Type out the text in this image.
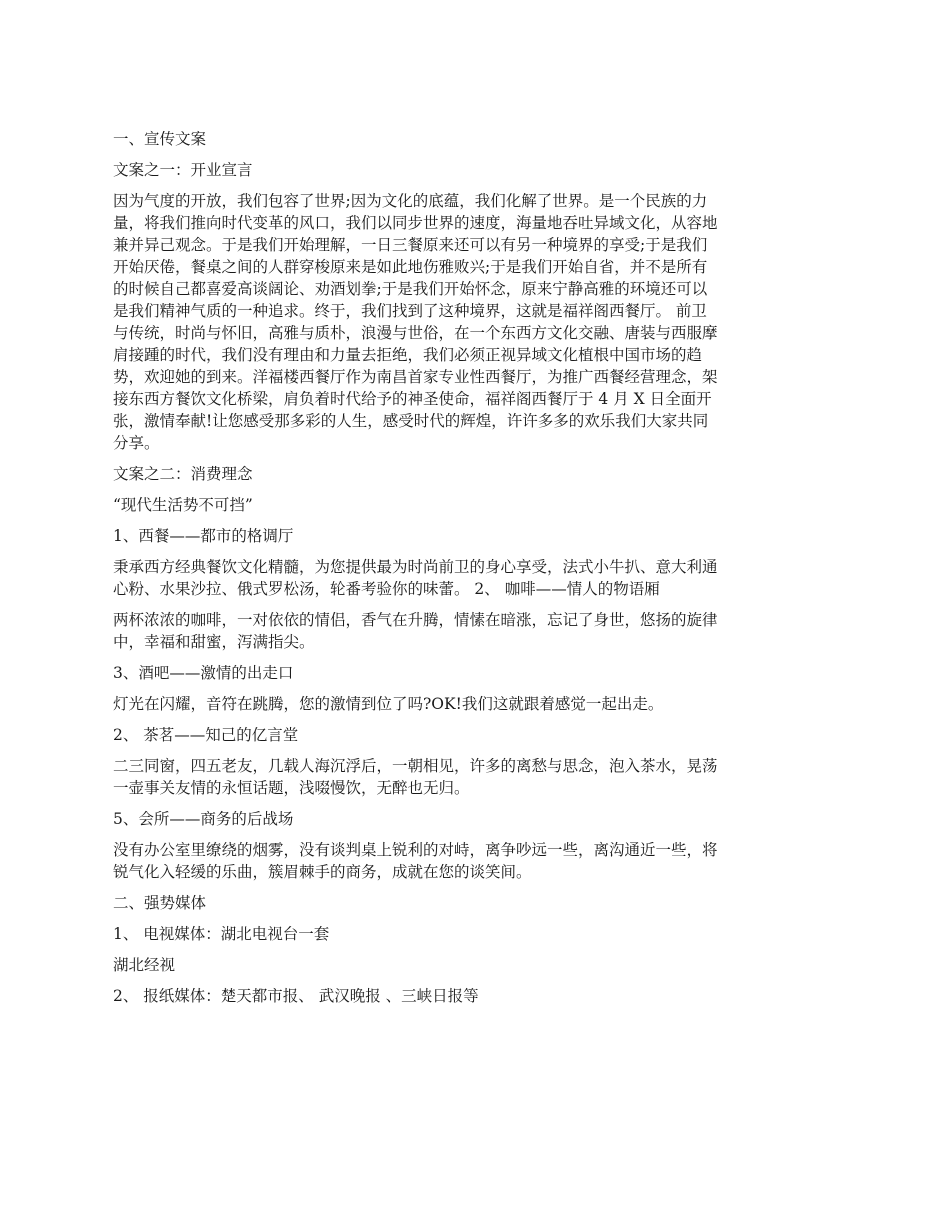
一、宣传文案
文案之一：开业宣言
因为气度的开放，我们包容了世界;因为文化的底蕴，我们化解了世界。是一个民族的力
量，将我们推向时代变革的风口，我们以同步世界的速度，海量地吞吐异域文化，从容地
兼并异己观念。于是我们开始理解，一日三餐原来还可以有另一种境界的享受;于是我们
开始厌倦，餐桌之间的人群穿梭原来是如此地伤雅败兴;于是我们开始自省，并不是所有
的时候自己都喜爱高谈阔论、劝酒划拳;于是我们开始怀念，原来宁静高雅的环境还可以
是我们精神气质的一种追求。终于，我们找到了这种境界，这就是福祥阁西餐厅。 前卫
与传统，时尚与怀旧，高雅与质朴，浪漫与世俗，在一个东西方文化交融、唐装与西服摩
肩接踵的时代，我们没有理由和力量去拒绝，我们必须正视异域文化植根中国市场的趋
势，欢迎她的到来。洋福楼西餐厅作为南昌首家专业性西餐厅，为推广西餐经营理念，架
接东西方餐饮文化桥梁，肩负着时代给予的神圣使命，福祥阁西餐厅于 4 月 X 日全面开
张，激情奉献!让您感受那多彩的人生，感受时代的辉煌，许许多多的欢乐我们大家共同
分享。
文案之二：消费理念
“现代生活势不可挡”
1、西餐——都市的格调厅
秉承西方经典餐饮文化精髓，为您提供最为时尚前卫的身心享受，法式小牛扒、意大利通
心粉、水果沙拉、俄式罗松汤，轮番考验你的味蕾。 2、 咖啡——情人的物语厢
两杯浓浓的咖啡，一对依依的情侣，香气在升腾，情愫在暗涨，忘记了身世，悠扬的旋律
中，幸福和甜蜜，泻满指尖。
3、酒吧——激情的出走口
灯光在闪耀，音符在跳腾，您的激情到位了吗?OK!我们这就跟着感觉一起出走。
2、 茶茗——知己的亿言堂
二三同窗，四五老友，几载人海沉浮后，一朝相见，许多的离愁与思念，泡入茶水，晃荡
一壶事关友情的永恒话题，浅啜慢饮，无醉也无归。
5、会所——商务的后战场
没有办公室里缭绕的烟雾，没有谈判桌上锐利的对峙，离争吵远一些，离沟通近一些，将
锐气化入轻缓的乐曲，簇眉棘手的商务，成就在您的谈笑间。
二、强势媒体
1、 电视媒体：湖北电视台一套
湖北经视
2、 报纸媒体：楚天都市报、 武汉晚报 、三峡日报等
